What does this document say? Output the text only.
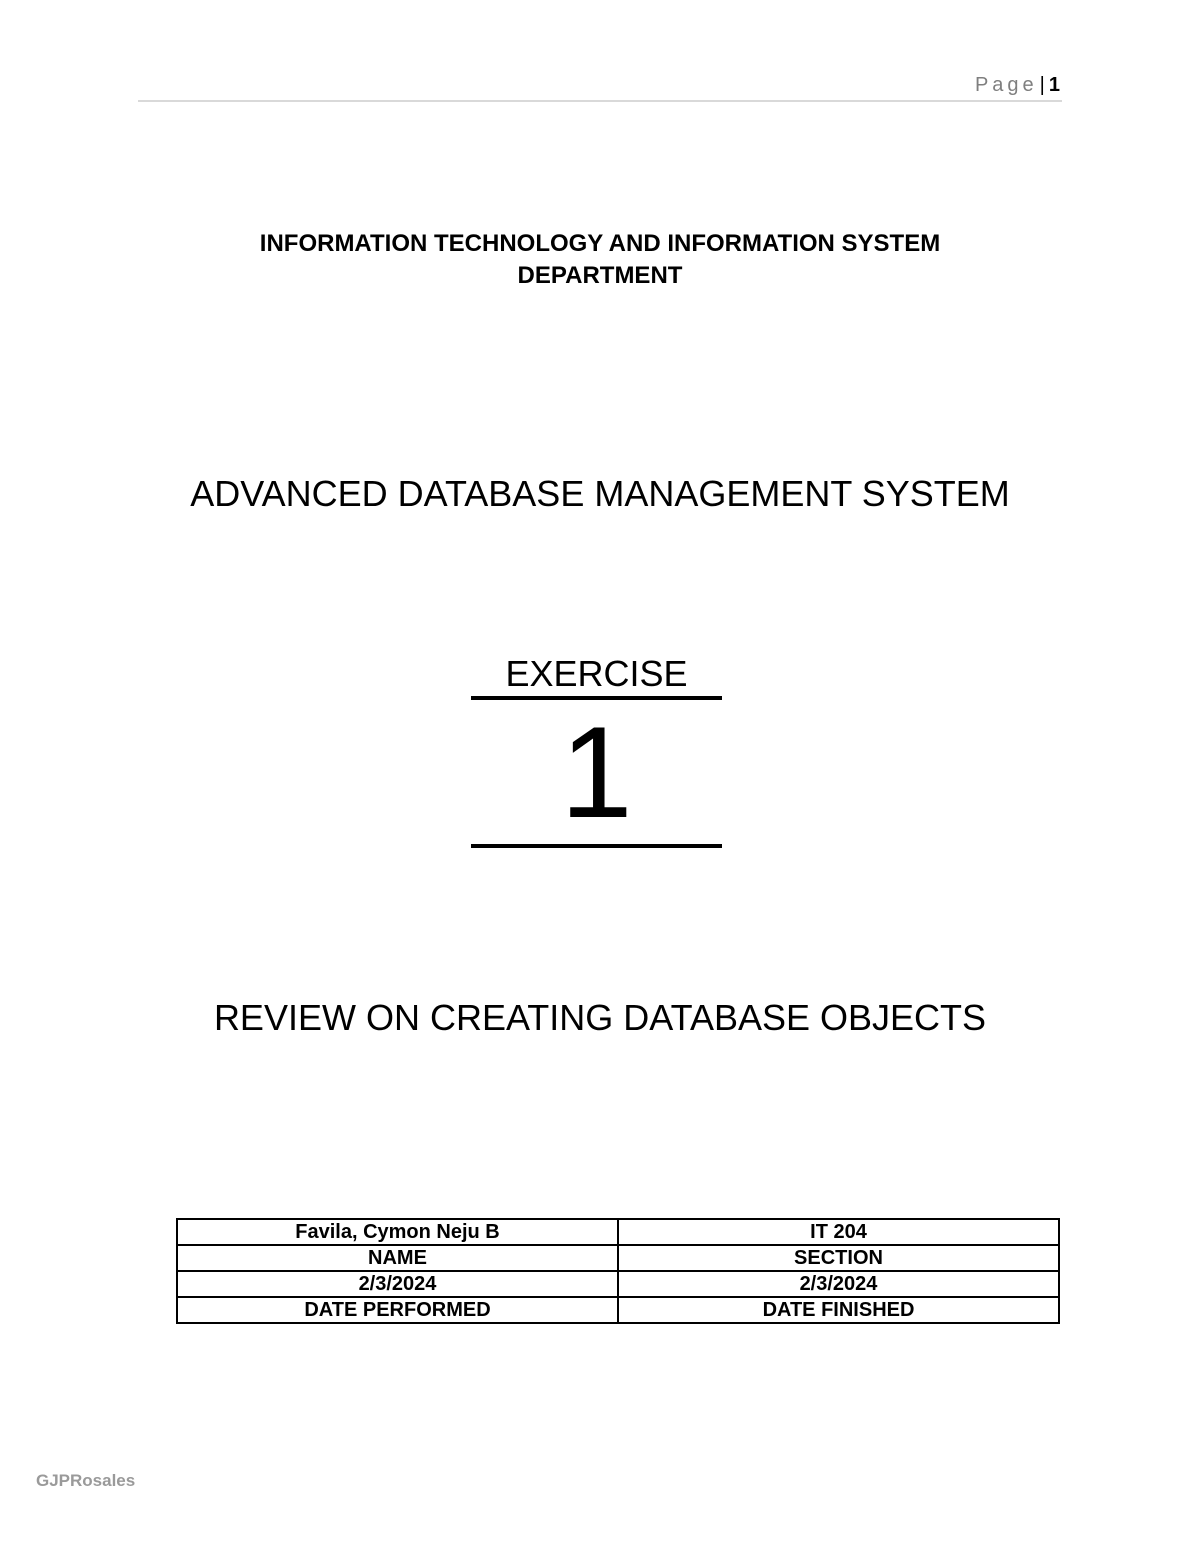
Page | 1
INFORMATION TECHNOLOGY AND INFORMATION SYSTEM
DEPARTMENT
ADVANCED DATABASE MANAGEMENT SYSTEM
EXERCISE
1
REVIEW ON CREATING DATABASE OBJECTS
Favila, Cymon Neju B	IT 204
NAME	SECTION
2/3/2024	2/3/2024
DATE PERFORMED	DATE FINISHED
GJPRosales
